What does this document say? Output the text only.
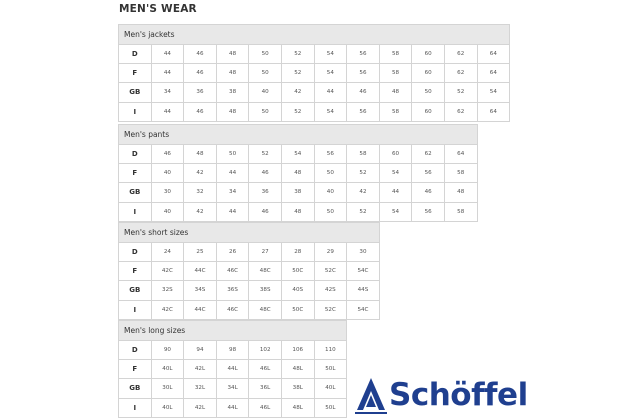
MEN'S WEAR
Men's jackets
D	44	46	48	50	52	54	56	58	60	62	64
F	44	46	48	50	52	54	56	58	60	62	64
GB	34	36	38	40	42	44	46	48	50	52	54
I	44	46	48	50	52	54	56	58	60	62	64
Men's pants
D	46	48	50	52	54	56	58	60	62	64
F	40	42	44	46	48	50	52	54	56	58
GB	30	32	34	36	38	40	42	44	46	48
I	40	42	44	46	48	50	52	54	56	58
Men's short sizes
D	24	25	26	27	28	29	30
F	42C	44C	46C	48C	50C	52C	54C
GB	32S	34S	36S	38S	40S	42S	44S
I	42C	44C	46C	48C	50C	52C	54C
Men's long sizes
D	90	94	98	102	106	110
F	40L	42L	44L	46L	48L	50L
GB	30L	32L	34L	36L	38L	40L
I	40L	42L	44L	46L	48L	50L	Schöffel
